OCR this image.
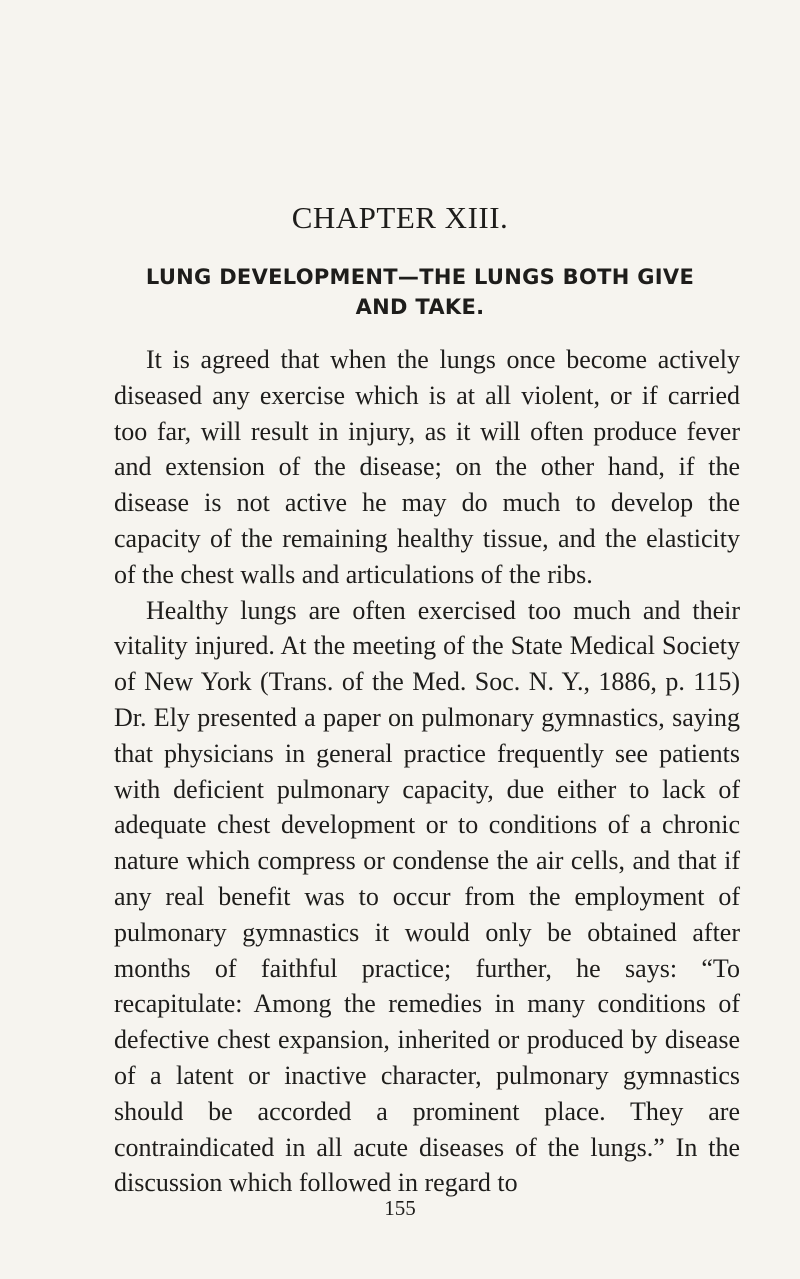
CHAPTER XIII.
LUNG DEVELOPMENT—THE LUNGS BOTH GIVE AND TAKE.

It is agreed that when the lungs once become actively diseased any exercise which is at all violent, or if carried too far, will result in injury, as it will often produce fever and extension of the disease; on the other hand, if the disease is not active he may do much to develop the capacity of the remaining healthy tissue, and the elasticity of the chest walls and articulations of the ribs.

Healthy lungs are often exercised too much and their vitality injured. At the meeting of the State Medical Society of New York (Trans. of the Med. Soc. N. Y., 1886, p. 115) Dr. Ely presented a paper on pulmonary gymnastics, saying that physicians in general practice frequently see patients with deficient pulmonary capacity, due either to lack of adequate chest development or to conditions of a chronic nature which compress or condense the air cells, and that if any real benefit was to occur from the employment of pulmonary gymnastics it would only be obtained after months of faithful practice; further, he says: “To recapitulate: Among the remedies in many conditions of defective chest expansion, inherited or produced by disease of a latent or inactive character, pulmonary gymnastics should be accorded a prominent place. They are contraindicated in all acute diseases of the lungs.” In the discussion which followed in regard to

155
